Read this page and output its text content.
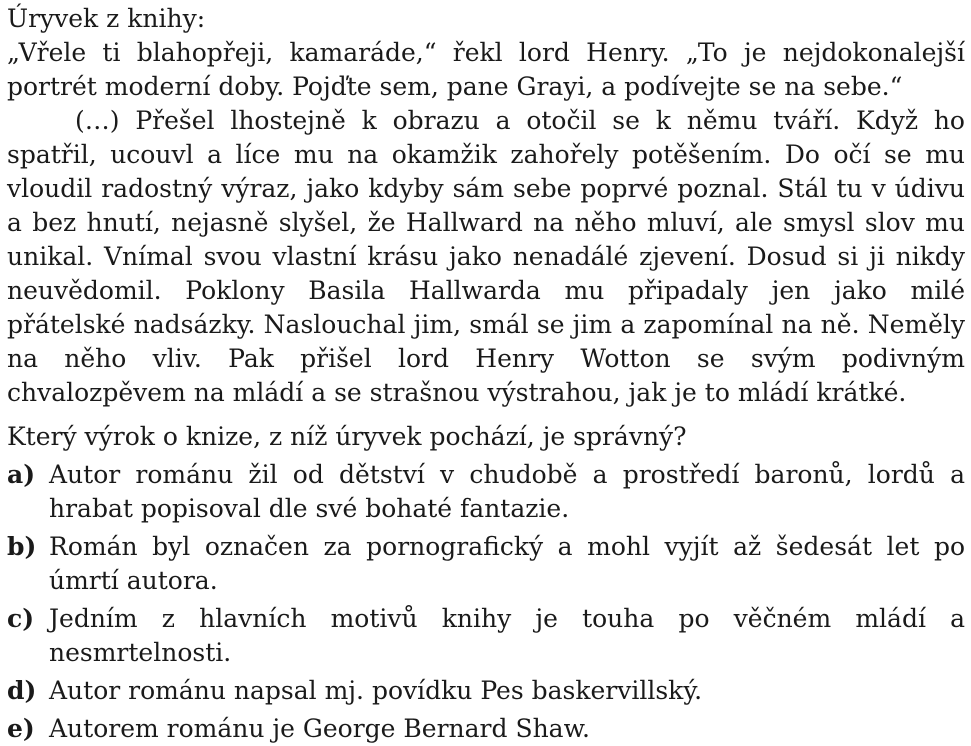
Úryvek z knihy:

„Vřele ti blahopřeji, kamaráde,“ řekl lord Henry. „To je nejdokonalejší portrét moderní doby. Pojďte sem, pane Grayi, a podívejte se na sebe.“

(…) Přešel lhostejně k obrazu a otočil se k němu tváří. Když ho spatřil, ucouvl a líce mu na okamžik zahořely potěšením. Do očí se mu vloudil radostný výraz, jako kdyby sám sebe poprvé poznal. Stál tu v údivu a bez hnutí, nejasně slyšel, že Hallward na něho mluví, ale smysl slov mu unikal. Vnímal svou vlastní krásu jako nenadálé zjevení. Dosud si ji nikdy neuvědomil. Poklony Basila Hallwarda mu připadaly jen jako milé přátelské nadsázky. Naslouchal jim, smál se jim a zapomínal na ně. Neměly na něho vliv. Pak přišel lord Henry Wotton se svým podivným chvalozpěvem na mládí a se strašnou výstrahou, jak je to mládí krátké.

Který výrok o knize, z níž úryvek pochází, je správný?
a) Autor románu žil od dětství v chudobě a prostředí baronů, lordů a hrabat popisoval dle své bohaté fantazie.
b) Román byl označen za pornografický a mohl vyjít až šedesát let po úmrtí autora.
c) Jedním z hlavních motivů knihy je touha po věčném mládí a nesmrtelnosti.
d) Autor románu napsal mj. povídku Pes baskervillský.
e) Autorem románu je George Bernard Shaw.
